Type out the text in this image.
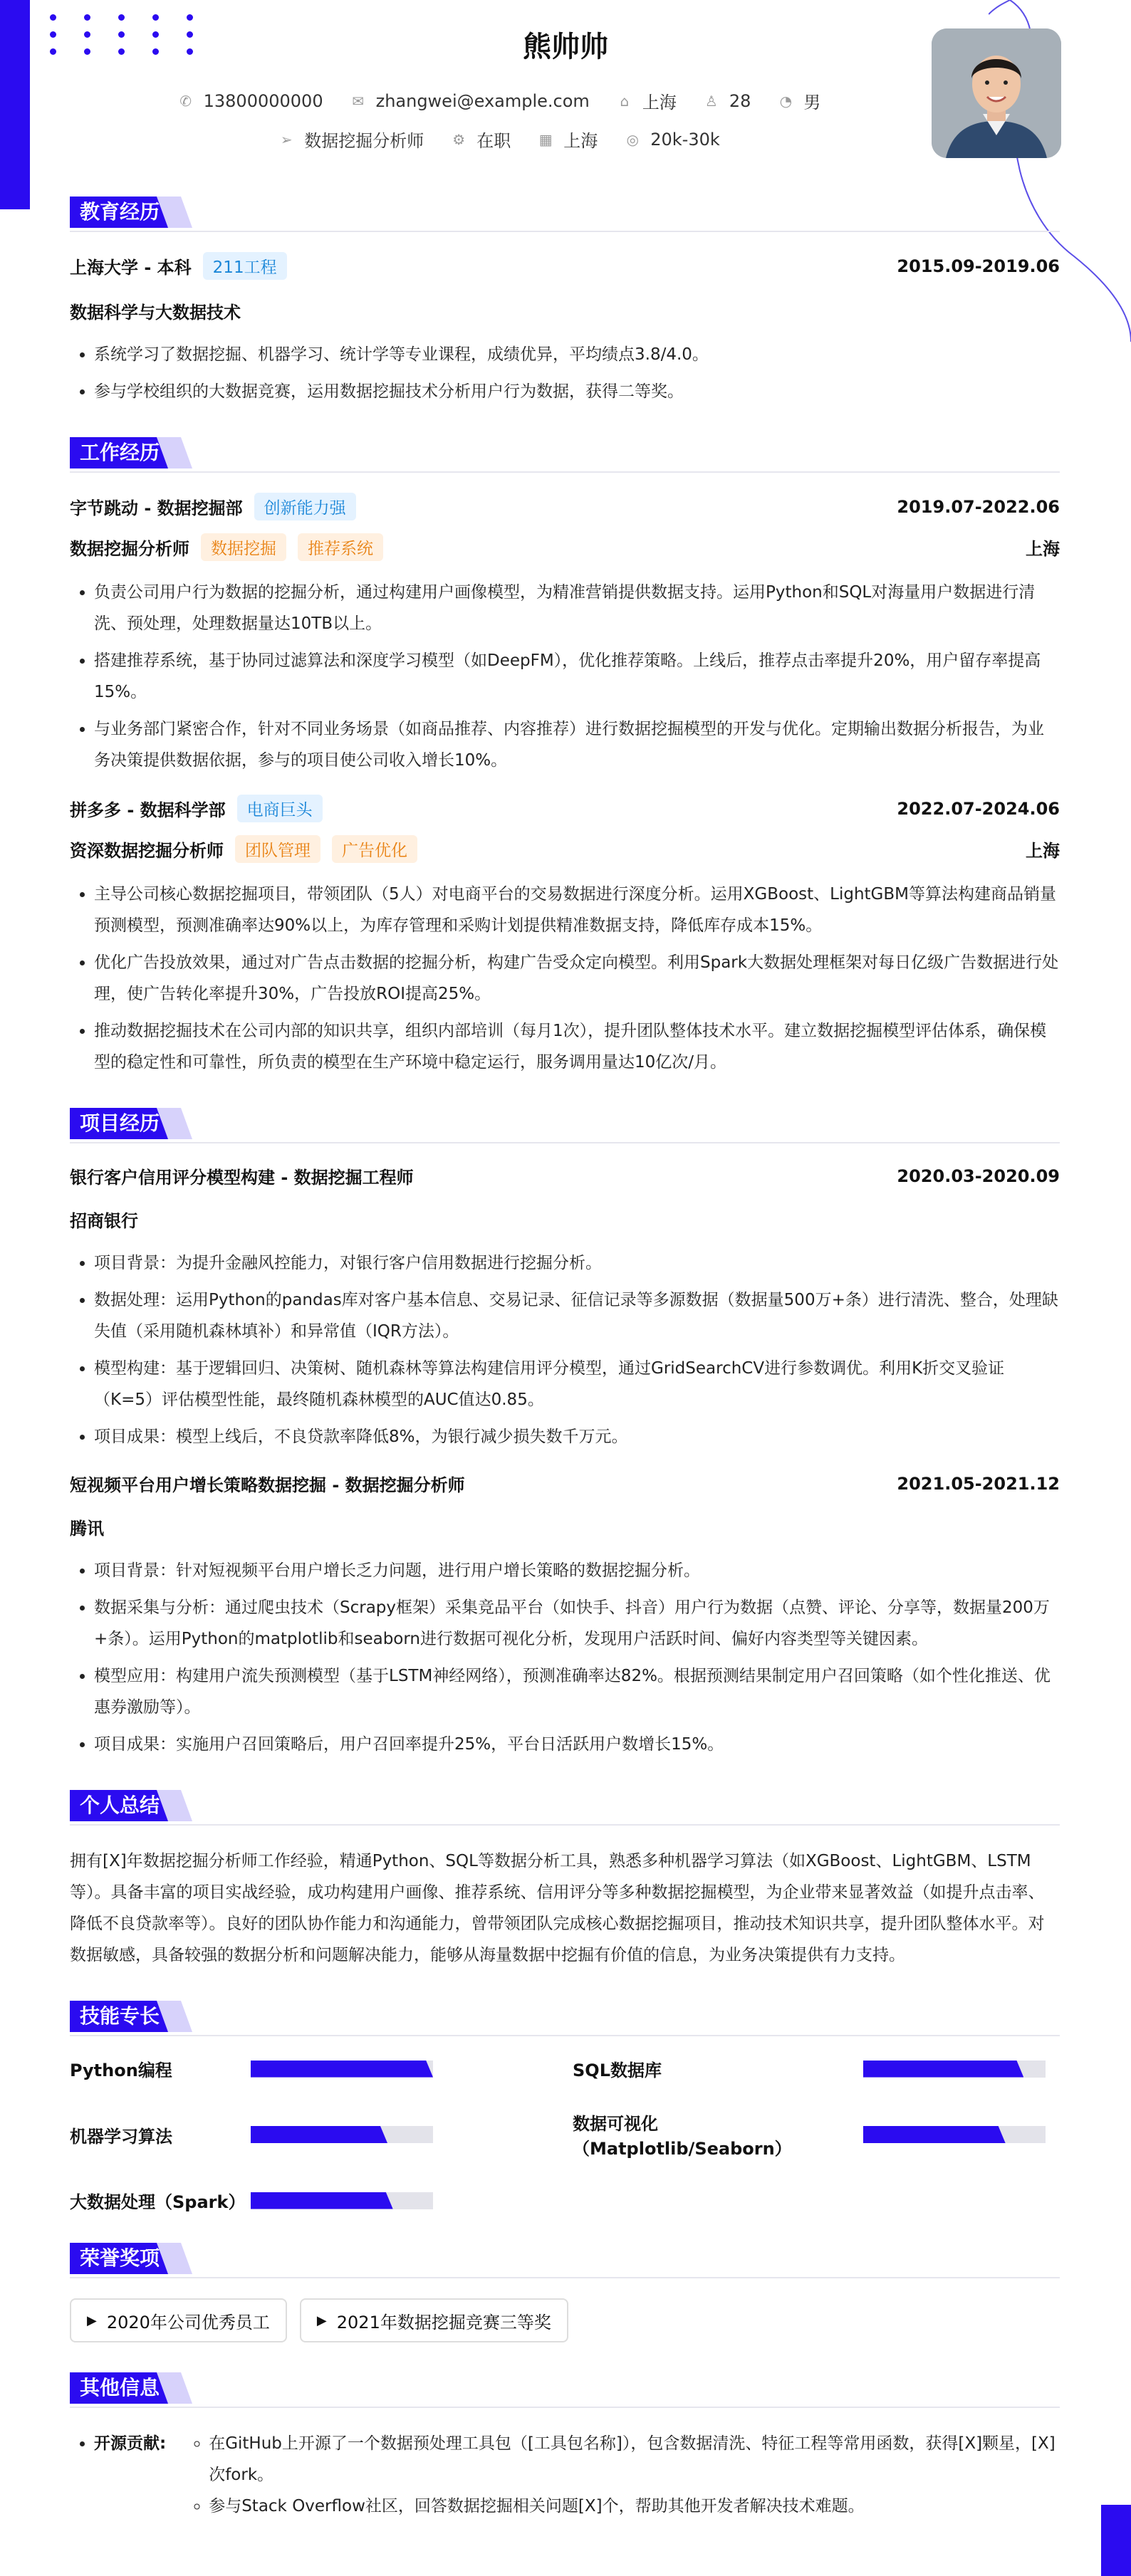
熊帅帅
✆ 13800000000 ✉ zhangwei@example.com	⌂ 上海 ♙ 28 ◔ 男
➢ 数据挖掘分析师 ⚙ 在职 ▦ 上海 ◎ 20k-30k
教育经历
上海大学 - 本科	211工程	2015.09-2019.06
数据科学与大数据技术
• 系统学习了数据挖掘、机器学习、统计学等专业课程，成绩优异，平均绩点3.8/4.0。
• 参与学校组织的大数据竞赛，运用数据挖掘技术分析用户行为数据，获得二等奖。
工作经历
字节跳动 - 数据挖掘部	创新能力强	2019.07-2022.06
数据挖掘分析师	数据挖掘	推荐系统	上海
• 负责公司用户行为数据的挖掘分析，通过构建用户画像模型，为精准营销提供数据支持。运用Python和SQL对海量用户数据进行清洗、预处理，处理数据量达10TB以上。
• 搭建推荐系统，基于协同过滤算法和深度学习模型（如DeepFM），优化推荐策略。上线后，推荐点击率提升20%，用户留存率提高15%。
• 与业务部门紧密合作，针对不同业务场景（如商品推荐、内容推荐）进行数据挖掘模型的开发与优化。定期输出数据分析报告，为业务决策提供数据依据，参与的项目使公司收入增长10%。
拼多多 - 数据科学部	电商巨头	2022.07-2024.06
资深数据挖掘分析师	团队管理	广告优化	上海
• 主导公司核心数据挖掘项目，带领团队（5人）对电商平台的交易数据进行深度分析。运用XGBoost、LightGBM等算法构建商品销量预测模型，预测准确率达90%以上，为库存管理和采购计划提供精准数据支持，降低库存成本15%。
• 优化广告投放效果，通过对广告点击数据的挖掘分析，构建广告受众定向模型。利用Spark大数据处理框架对每日亿级广告数据进行处理，使广告转化率提升30%，广告投放ROI提高25%。
• 推动数据挖掘技术在公司内部的知识共享，组织内部培训（每月1次），提升团队整体技术水平。建立数据挖掘模型评估体系，确保模型的稳定性和可靠性，所负责的模型在生产环境中稳定运行，服务调用量达10亿次/月。
项目经历
银行客户信用评分模型构建 - 数据挖掘工程师	2020.03-2020.09
招商银行
• 项目背景：为提升金融风控能力，对银行客户信用数据进行挖掘分析。
• 数据处理：运用Python的pandas库对客户基本信息、交易记录、征信记录等多源数据（数据量500万+条）进行清洗、整合，处理缺失值（采用随机森林填补）和异常值（IQR方法）。
• 模型构建：基于逻辑回归、决策树、随机森林等算法构建信用评分模型，通过GridSearchCV进行参数调优。利用K折交叉验证（K=5）评估模型性能，最终随机森林模型的AUC值达0.85。
• 项目成果：模型上线后，不良贷款率降低8%，为银行减少损失数千万元。
短视频平台用户增长策略数据挖掘 - 数据挖掘分析师	2021.05-2021.12
腾讯
• 项目背景：针对短视频平台用户增长乏力问题，进行用户增长策略的数据挖掘分析。
• 数据采集与分析：通过爬虫技术（Scrapy框架）采集竞品平台（如快手、抖音）用户行为数据（点赞、评论、分享等，数据量200万+条）。运用Python的matplotlib和seaborn进行数据可视化分析，发现用户活跃时间、偏好内容类型等关键因素。
• 模型应用：构建用户流失预测模型（基于LSTM神经网络），预测准确率达82%。根据预测结果制定用户召回策略（如个性化推送、优惠券激励等）。
• 项目成果：实施用户召回策略后，用户召回率提升25%，平台日活跃用户数增长15%。
个人总结
拥有[X]年数据挖掘分析师工作经验，精通Python、SQL等数据分析工具，熟悉多种机器学习算法（如XGBoost、LightGBM、LSTM等）。具备丰富的项目实战经验，成功构建用户画像、推荐系统、信用评分等多种数据挖掘模型，为企业带来显著效益（如提升点击率、降低不良贷款率等）。良好的团队协作能力和沟通能力，曾带领团队完成核心数据挖掘项目，推动技术知识共享，提升团队整体水平。对数据敏感，具备较强的数据分析和问题解决能力，能够从海量数据中挖掘有价值的信息，为业务决策提供有力支持。
技能专长
Python编程	SQL数据库
机器学习算法
数据可视化（Matplotlib/Seaborn）
大数据处理（Spark）
荣誉奖项
▶ 2020年公司优秀员工	▶ 2021年数据挖掘竞赛三等奖
其他信息
• 开源贡献:
◦	在GitHub上开源了一个数据预处理工具包（[工具包名称]），包含数据清洗、特征工程等常用函数，获得[X]颗星，[X]次fork。
◦ 参与Stack Overflow社区，回答数据挖掘相关问题[X]个，帮助其他开发者解决技术难题。
